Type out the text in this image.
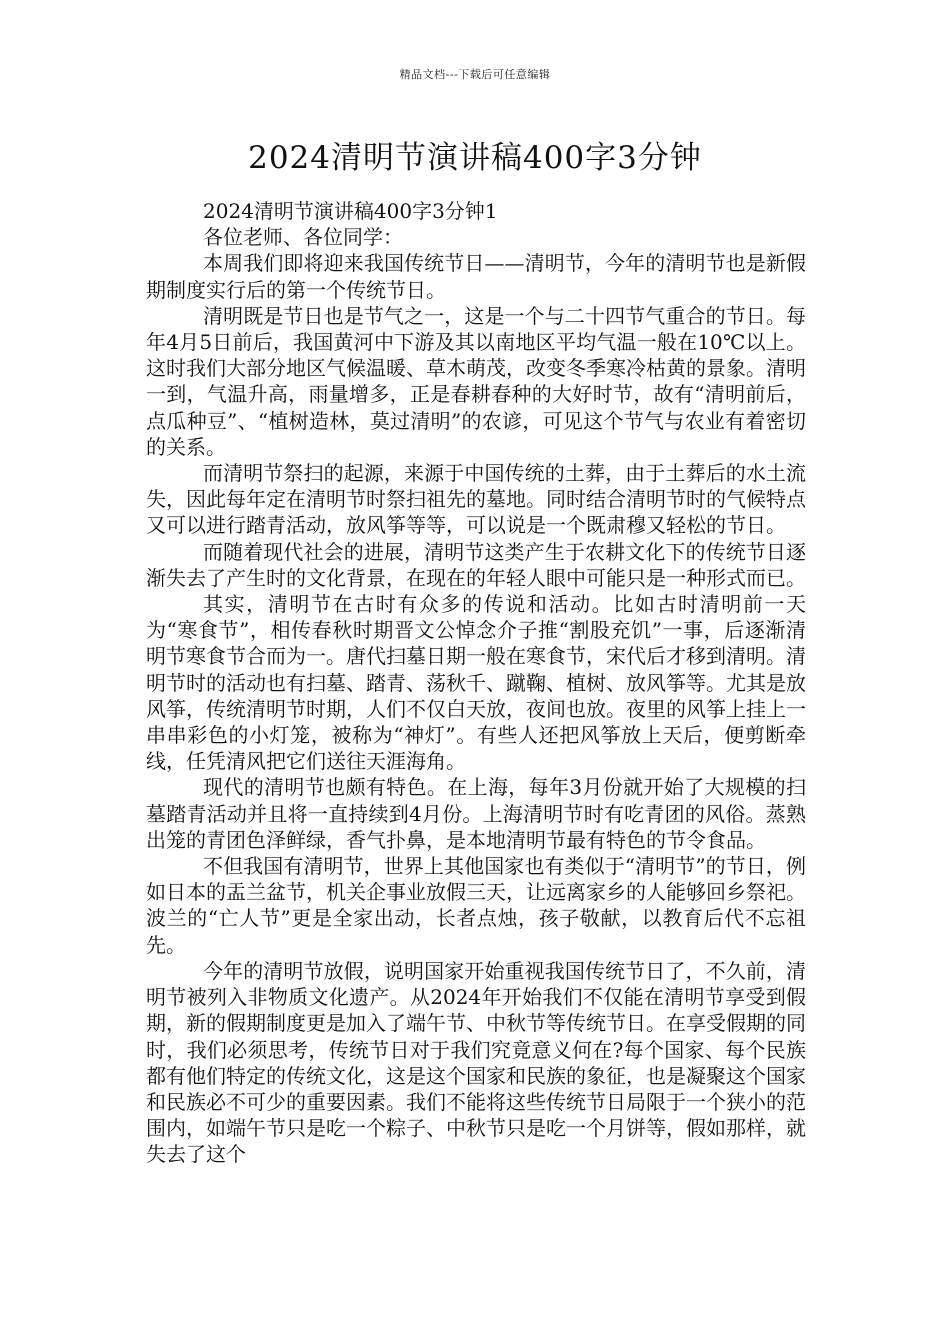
精品文档---下载后可任意编辑
2024清明节演讲稿400字3分钟

2024清明节演讲稿400字3分钟1

各位老师、各位同学：

本周我们即将迎来我国传统节日——清明节，今年的清明节也是新假期制度实行后的第一个传统节日。

清明既是节日也是节气之一，这是一个与二十四节气重合的节日。每年4月5日前后，我国黄河中下游及其以南地区平均气温一般在10℃以上。这时我们大部分地区气候温暖、草木萌茂，改变冬季寒冷枯黄的景象。清明一到，气温升高，雨量增多，正是春耕春种的大好时节，故有“清明前后，点瓜种豆”、“植树造林，莫过清明”的农谚，可见这个节气与农业有着密切的关系。

而清明节祭扫的起源，来源于中国传统的土葬，由于土葬后的水土流失，因此每年定在清明节时祭扫祖先的墓地。同时结合清明节时的气候特点又可以进行踏青活动，放风筝等等，可以说是一个既肃穆又轻松的节日。

而随着现代社会的进展，清明节这类产生于农耕文化下的传统节日逐渐失去了产生时的文化背景，在现在的年轻人眼中可能只是一种形式而已。

其实，清明节在古时有众多的传说和活动。比如古时清明前一天为“寒食节”，相传春秋时期晋文公悼念介子推“割股充饥”一事，后逐渐清明节寒食节合而为一。唐代扫墓日期一般在寒食节，宋代后才移到清明。清明节时的活动也有扫墓、踏青、荡秋千、蹴鞠、植树、放风筝等。尤其是放风筝，传统清明节时期，人们不仅白天放，夜间也放。夜里的风筝上挂上一串串彩色的小灯笼，被称为“神灯”。有些人还把风筝放上天后，便剪断牵线，任凭清风把它们送往天涯海角。

现代的清明节也颇有特色。在上海，每年3月份就开始了大规模的扫墓踏青活动并且将一直持续到4月份。上海清明节时有吃青团的风俗。蒸熟出笼的青团色泽鲜绿，香气扑鼻，是本地清明节最有特色的节令食品。

不但我国有清明节，世界上其他国家也有类似于“清明节”的节日，例如日本的盂兰盆节，机关企事业放假三天，让远离家乡的人能够回乡祭祀。波兰的“亡人节”更是全家出动，长者点烛，孩子敬献，以教育后代不忘祖先。

今年的清明节放假，说明国家开始重视我国传统节日了，不久前，清明节被列入非物质文化遗产。从2024年开始我们不仅能在清明节享受到假期，新的假期制度更是加入了端午节、中秋节等传统节日。在享受假期的同时，我们必须思考，传统节日对于我们究竟意义何在?每个国家、每个民族都有他们特定的传统文化，这是这个国家和民族的象征，也是凝聚这个国家和民族必不可少的重要因素。我们不能将这些传统节日局限于一个狭小的范围内，如端午节只是吃一个粽子、中秋节只是吃一个月饼等，假如那样，就失去了这个
